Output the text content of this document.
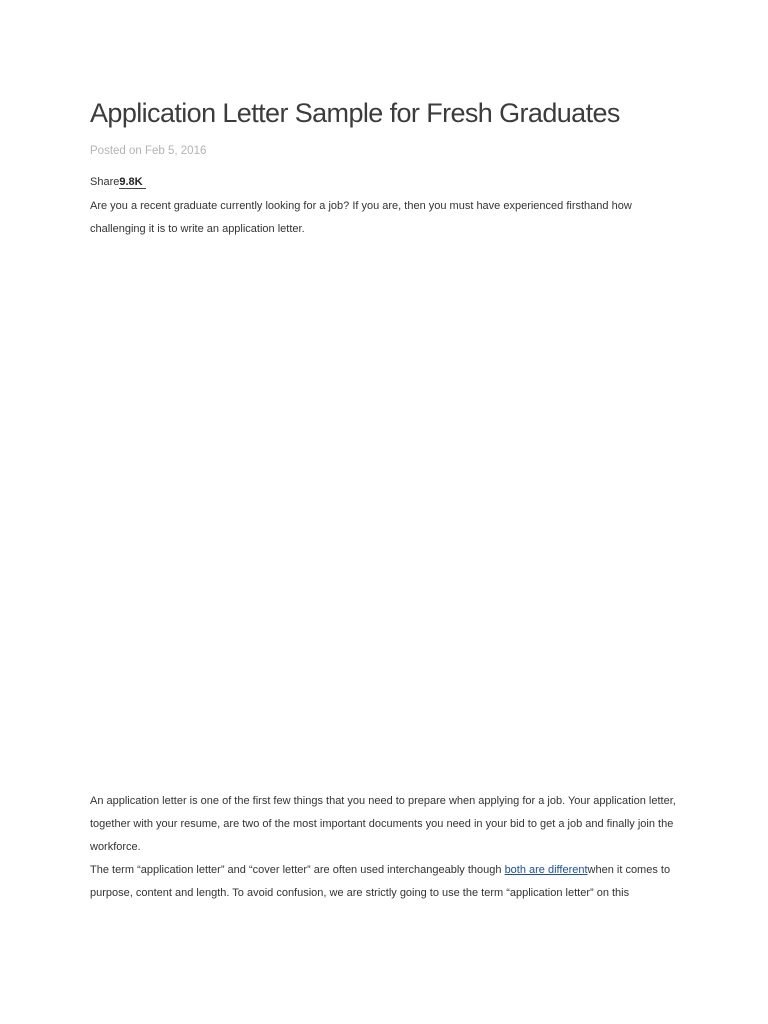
Application Letter Sample for Fresh Graduates
Posted on Feb 5, 2016
Share9.8K

Are you a recent graduate currently looking for a job? If you are, then you must have experienced firsthand how challenging it is to write an application letter.

An application letter is one of the first few things that you need to prepare when applying for a job. Your application letter, together with your resume, are two of the most important documents you need in your bid to get a job and finally join the workforce.

The term “application letter” and “cover letter” are often used interchangeably though both are differentwhen it comes to purpose, content and length. To avoid confusion, we are strictly going to use the term “application letter” on this
